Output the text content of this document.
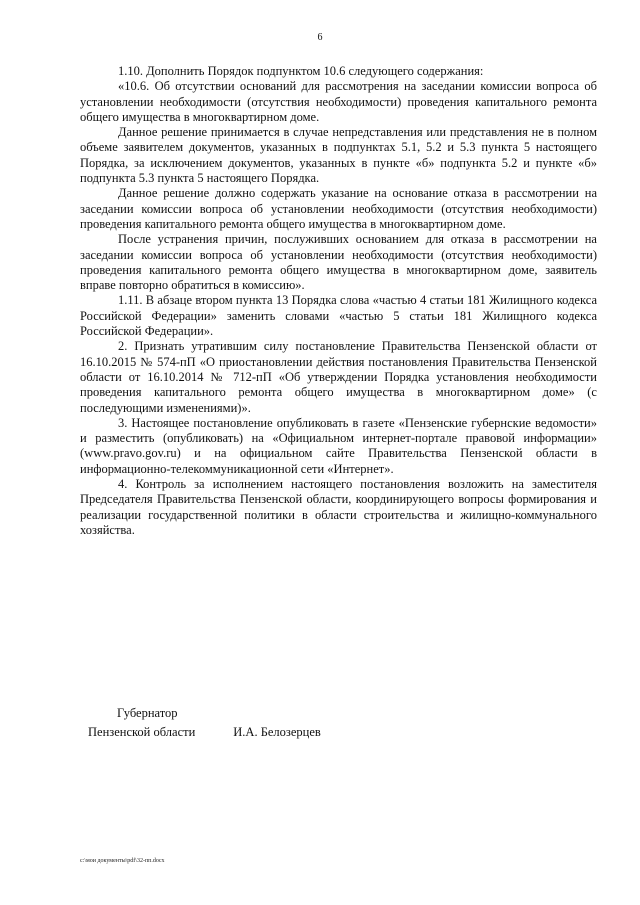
6

1.10. Дополнить Порядок подпунктом 10.6 следующего содержания:

«10.6. Об отсутствии оснований для рассмотрения на заседании комиссии вопроса об установлении необходимости (отсутствия необходимости) проведения капитального ремонта общего имущества в многоквартирном доме.

Данное решение принимается в случае непредставления или представления не в полном объеме заявителем документов, указанных в подпунктах 5.1, 5.2 и 5.3 пункта 5 настоящего Порядка, за исключением документов, указанных в пункте «б» подпункта 5.2 и пункте «б» подпункта 5.3 пункта 5 настоящего Порядка.

Данное решение должно содержать указание на основание отказа в рассмотрении на заседании комиссии вопроса об установлении необходимости (отсутствия необходимости) проведения капитального ремонта общего имущества в многоквартирном доме.

После устранения причин, послуживших основанием для отказа в рассмотрении на заседании комиссии вопроса об установлении необходимости (отсутствия необходимости) проведения капитального ремонта общего имущества в многоквартирном доме, заявитель вправе повторно обратиться в комиссию».

1.11. В абзаце втором пункта 13 Порядка слова «частью 4 статьи 181 Жилищного кодекса Российской Федерации» заменить словами «частью 5 статьи 181 Жилищного кодекса Российской Федерации».

2. Признать утратившим силу постановление Правительства Пензенской области от 16.10.2015 № 574-пП «О приостановлении действия постановления Правительства Пензенской области от 16.10.2014 № 712-пП «Об утверждении Порядка установления необходимости проведения капитального ремонта общего имущества в многоквартирном доме» (с последующими изменениями)».

3. Настоящее постановление опубликовать в газете «Пензенские губернские ведомости» и разместить (опубликовать) на «Официальном интернет-портале правовой информации» (www.pravo.gov.ru) и на официальном сайте Правительства Пензенской области в информационно-телекоммуникационной сети «Интернет».

4. Контроль за исполнением настоящего постановления возложить на заместителя Председателя Правительства Пензенской области, координирующего вопросы формирования и реализации государственной политики в области строительства и жилищно-коммунального хозяйства.

Губернатор
Пензенской области	И.А. Белозерцев
c:\мои документы\pdf\32-пп.docx
